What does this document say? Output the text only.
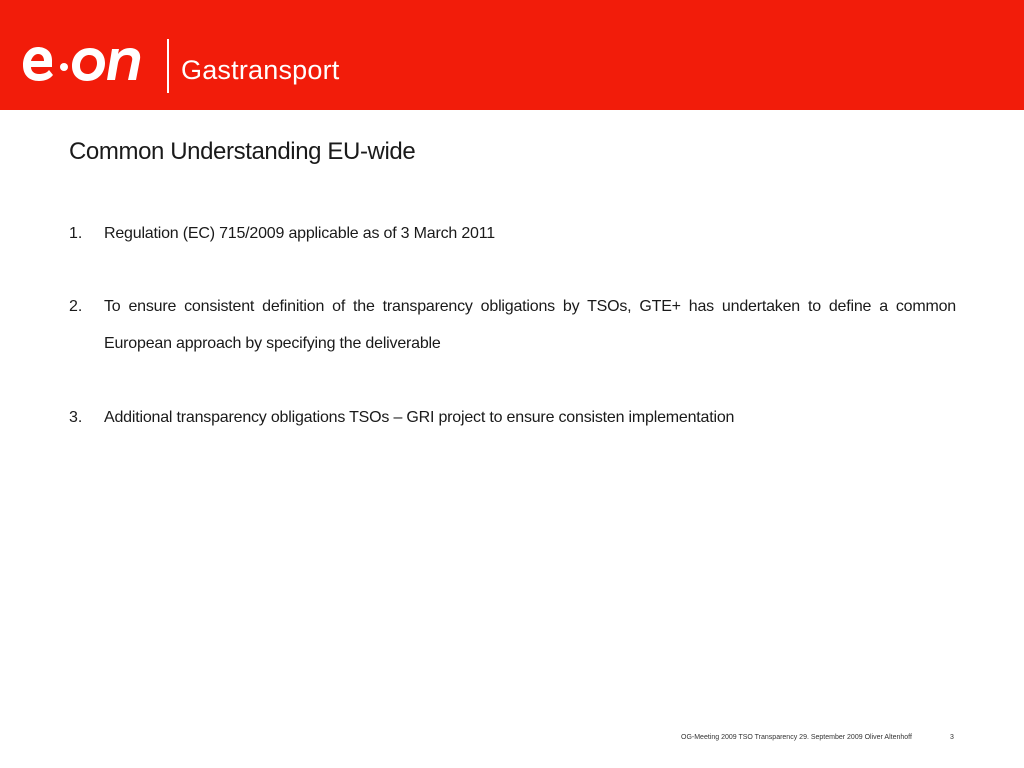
Gastransport
Common Understanding EU-wide
1.	Regulation (EC) 715/2009 applicable as of 3 March 2011
2.	To ensure consistent definition of the transparency obligations by TSOs, GTE+ has undertaken to define a common European approach by specifying the deliverable
3.	Additional transparency obligations TSOs – GRI project to ensure consisten implementation
OG-Meeting 2009 TSO Transparency 29. September 2009 Oliver Altenhoff	3
